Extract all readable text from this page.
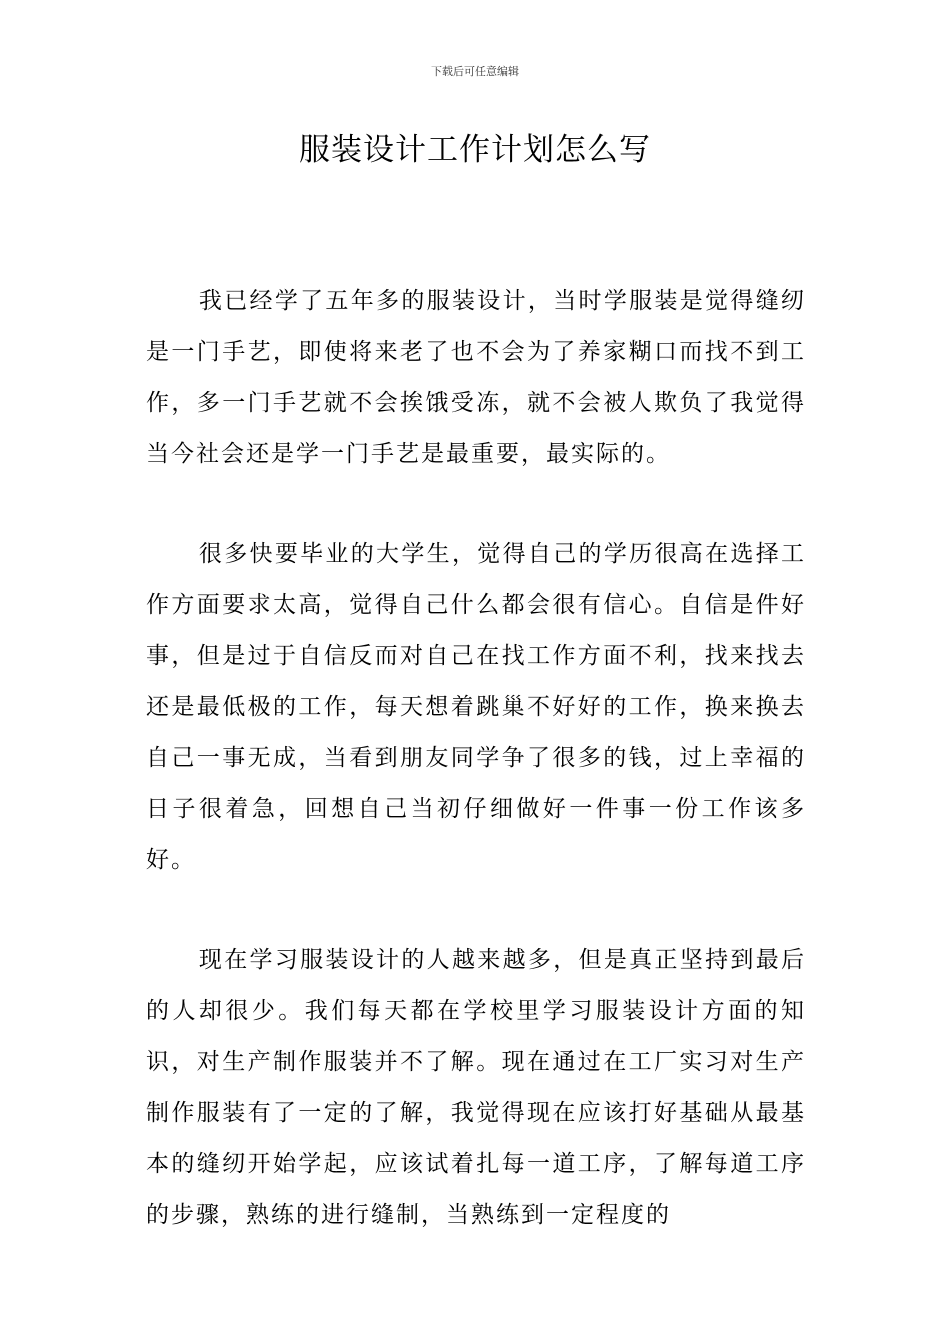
下载后可任意编辑
服装设计工作计划怎么写

我已经学了五年多的服装设计，当时学服装是觉得缝纫是一门手艺，即使将来老了也不会为了养家糊口而找不到工作，多一门手艺就不会挨饿受冻，就不会被人欺负了我觉得当今社会还是学一门手艺是最重要，最实际的。

很多快要毕业的大学生，觉得自己的学历很高在选择工作方面要求太高，觉得自己什么都会很有信心。自信是件好事，但是过于自信反而对自己在找工作方面不利，找来找去还是最低极的工作，每天想着跳巢不好好的工作，换来换去自己一事无成，当看到朋友同学争了很多的钱，过上幸福的日子很着急，回想自己当初仔细做好一件事一份工作该多好。

现在学习服装设计的人越来越多，但是真正坚持到最后的人却很少。我们每天都在学校里学习服装设计方面的知识，对生产制作服装并不了解。现在通过在工厂实习对生产制作服装有了一定的了解，我觉得现在应该打好基础从最基本的缝纫开始学起，应该试着扎每一道工序，了解每道工序的步骤，熟练的进行缝制，当熟练到一定程度的
